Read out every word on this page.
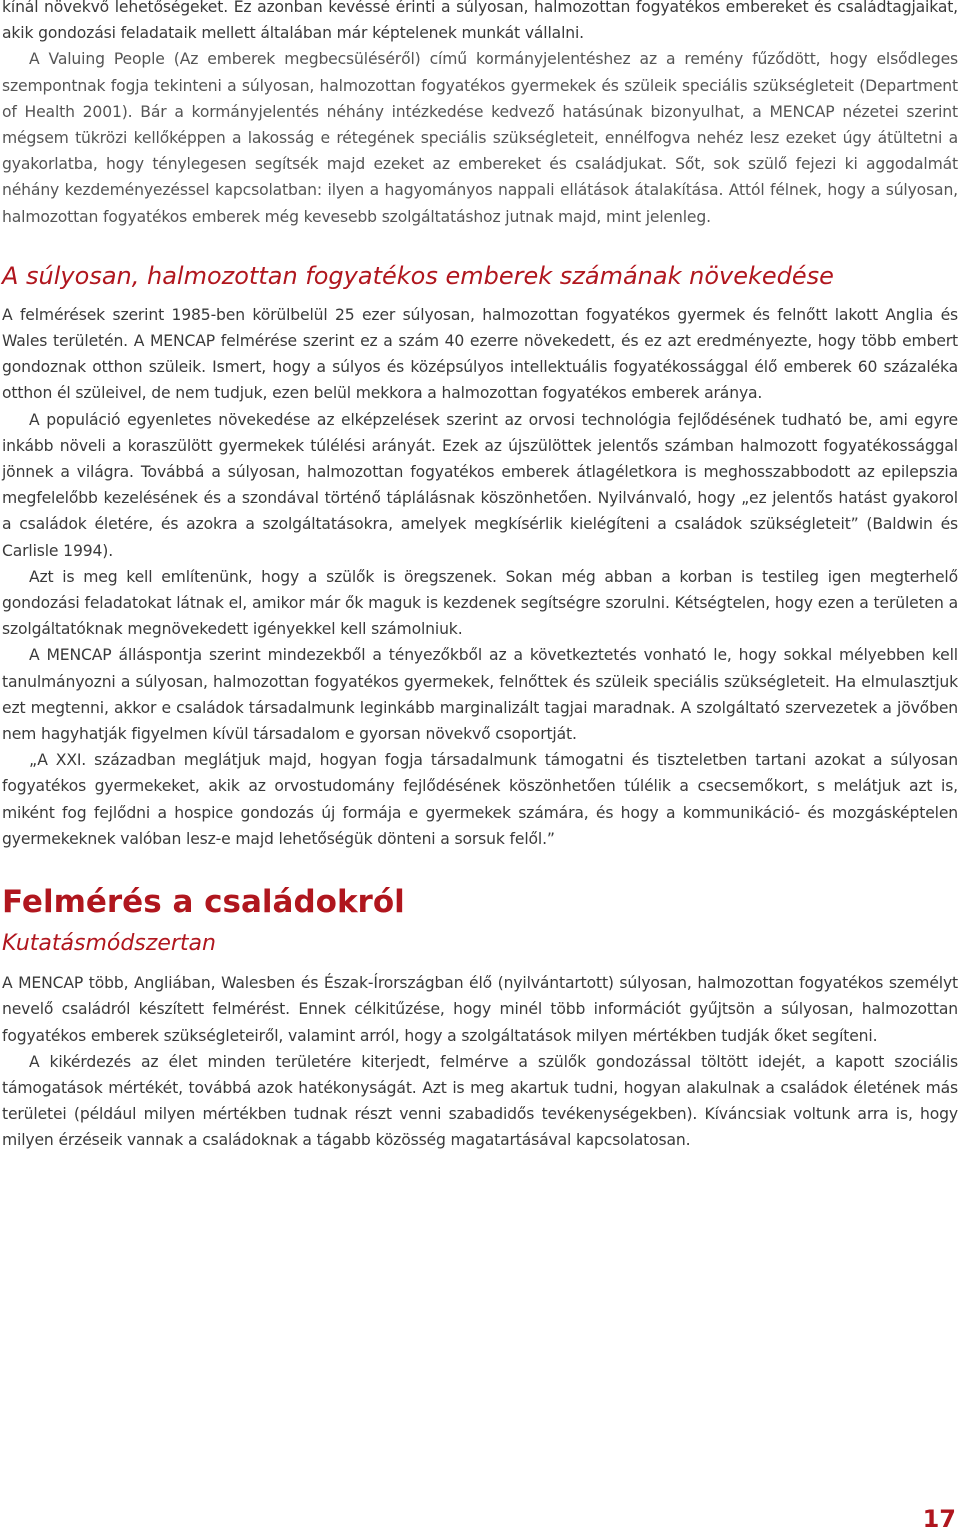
kínál növekvő lehetőségeket. Ez azonban kevéssé érinti a súlyosan, halmozottan fogyatékos embereket és családtagjaikat, akik gondozási feladataik mellett általában már képtelenek munkát vállalni.

A Valuing People (Az emberek megbecsüléséről) című kormányjelentéshez az a remény fűződött, hogy elsődleges szempontnak fogja tekinteni a súlyosan, halmozottan fogyatékos gyermekek és szüleik speciális szükségleteit (Department of Health 2001). Bár a kormányjelentés néhány intézkedése kedvező hatásúnak bizonyulhat, a MENCAP nézetei szerint mégsem tükrözi kellőképpen a lakosság e rétegének speciális szükségleteit, ennélfogva nehéz lesz ezeket úgy átültetni a gyakorlatba, hogy ténylegesen segítsék majd ezeket az embereket és családjukat. Sőt, sok szülő fejezi ki aggodalmát néhány kezdeményezéssel kapcsolatban: ilyen a hagyományos nappali ellátások átalakítása. Attól félnek, hogy a súlyosan, halmozottan fogyatékos emberek még kevesebb szolgáltatáshoz jutnak majd, mint jelenleg.

A súlyosan, halmozottan fogyatékos emberek számának növekedése

A felmérések szerint 1985-ben körülbelül 25 ezer súlyosan, halmozottan fogyatékos gyermek és felnőtt lakott Anglia és Wales területén. A MENCAP felmérése szerint ez a szám 40 ezerre növekedett, és ez azt eredményezte, hogy több embert gondoznak otthon szüleik. Ismert, hogy a súlyos és középsúlyos intellektuális fogyatékossággal élő emberek 60 százaléka otthon él szüleivel, de nem tudjuk, ezen belül mekkora a halmozottan fogyatékos emberek aránya.

A populáció egyenletes növekedése az elképzelések szerint az orvosi technológia fejlődésének tudható be, ami egyre inkább növeli a koraszülött gyermekek túlélési arányát. Ezek az újszülöttek jelentős számban halmozott fogyatékossággal jönnek a világra. Továbbá a súlyosan, halmozottan fogyatékos emberek átlagéletkora is meghosszabbodott az epilepszia megfelelőbb kezelésének és a szondával történő táplálásnak köszönhetően. Nyilvánvaló, hogy „ez jelentős hatást gyakorol a családok életére, és azokra a szolgáltatásokra, amelyek megkísérlik kielégíteni a családok szükségleteit” (Baldwin és Carlisle 1994).

Azt is meg kell említenünk, hogy a szülők is öregszenek. Sokan még abban a korban is testileg igen megterhelő gondozási feladatokat látnak el, amikor már ők maguk is kezdenek segítségre szorulni. Kétségtelen, hogy ezen a területen a szolgáltatóknak megnövekedett igényekkel kell számolniuk.

A MENCAP álláspontja szerint mindezekből a tényezőkből az a következtetés vonható le, hogy sokkal mélyebben kell tanulmányozni a súlyosan, halmozottan fogyatékos gyermekek, felnőttek és szüleik speciális szükségleteit. Ha elmulasztjuk ezt megtenni, akkor e családok társadalmunk leginkább marginalizált tagjai maradnak. A szolgáltató szervezetek a jövőben nem hagyhatják figyelmen kívül társadalom e gyorsan növekvő csoportját.

„A XXI. században meglátjuk majd, hogyan fogja társadalmunk támogatni és tiszteletben tartani azokat a súlyosan fogyatékos gyermekeket, akik az orvostudomány fejlődésének köszönhetően túlélik a csecsemőkort, s melátjuk azt is, miként fog fejlődni a hospice gondozás új formája e gyermekek számára, és hogy a kommunikáció- és mozgásképtelen gyermekeknek valóban lesz-e majd lehetőségük dönteni a sorsuk felől.”

Felmérés a családokról
Kutatásmódszertan

A MENCAP több, Angliában, Walesben és Észak-Írországban élő (nyilvántartott) súlyosan, halmozottan fogyatékos személyt nevelő családról készített felmérést. Ennek célkitűzése, hogy minél több információt gyűjtsön a súlyosan, halmozottan fogyatékos emberek szükségleteiről, valamint arról, hogy a szolgáltatások milyen mértékben tudják őket segíteni.

A kikérdezés az élet minden területére kiterjedt, felmérve a szülők gondozással töltött idejét, a kapott szociális támogatások mértékét, továbbá azok hatékonyságát. Azt is meg akartuk tudni, hogyan alakulnak a családok életének más területei (például milyen mértékben tudnak részt venni szabadidős tevékenységekben). Kíváncsiak voltunk arra is, hogy milyen érzéseik vannak a családoknak a tágabb közösség magatartásával kapcsolatosan.

17
